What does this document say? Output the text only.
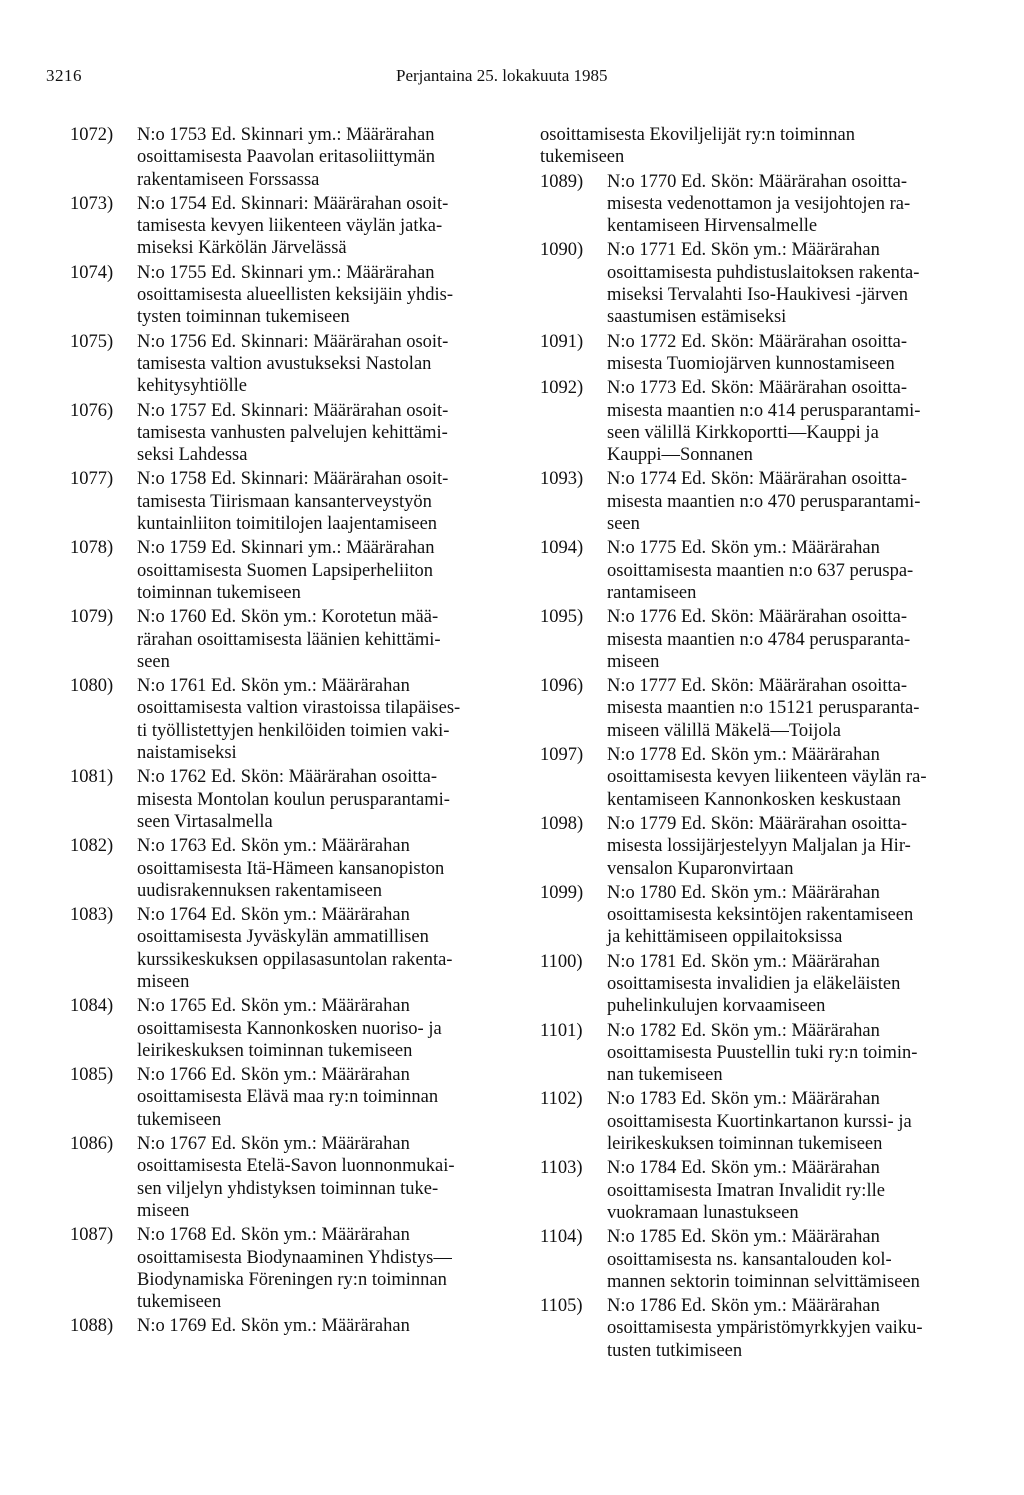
3216	Perjantaina 25. lokakuuta 1985
1072) N:o 1753 Ed. Skinnari ym.: Määrärahan
osoittamisesta Paavolan eritasoliittymän
rakentamiseen Forssassa
1073) N:o 1754 Ed. Skinnari: Määrärahan osoit-
tamisesta kevyen liikenteen väylän jatka-
miseksi Kärkölän Järvelässä
1074) N:o 1755 Ed. Skinnari ym.: Määrärahan
osoittamisesta alueellisten keksijäin yhdis-
tysten toiminnan tukemiseen
1075) N:o 1756 Ed. Skinnari: Määrärahan osoit-
tamisesta valtion avustukseksi Nastolan
kehitysyhtiölle
1076) N:o 1757 Ed. Skinnari: Määrärahan osoit-
tamisesta vanhusten palvelujen kehittämi-
seksi Lahdessa
1077) N:o 1758 Ed. Skinnari: Määrärahan osoit-
tamisesta Tiirismaan kansanterveystyön
kuntainliiton toimitilojen laajentamiseen
1078) N:o 1759 Ed. Skinnari ym.: Määrärahan
osoittamisesta Suomen Lapsiperheliiton
toiminnan tukemiseen
1079) N:o 1760 Ed. Skön ym.: Korotetun mää-
rärahan osoittamisesta läänien kehittämi-
seen
1080) N:o 1761 Ed. Skön ym.: Määrärahan
osoittamisesta valtion virastoissa tilapäises-
ti työllistettyjen henkilöiden toimien vaki-
naistamiseksi
1081) N:o 1762 Ed. Skön: Määrärahan osoitta-
misesta Montolan koulun perusparantami-
seen Virtasalmella
1082) N:o 1763 Ed. Skön ym.: Määrärahan
osoittamisesta Itä-Hämeen kansanopiston
uudisrakennuksen rakentamiseen
1083) N:o 1764 Ed. Skön ym.: Määrärahan
osoittamisesta Jyväskylän ammatillisen
kurssikeskuksen oppilasasuntolan rakenta-
miseen
1084) N:o 1765 Ed. Skön ym.: Määrärahan
osoittamisesta Kannonkosken nuoriso- ja
leirikeskuksen toiminnan tukemiseen
1085) N:o 1766 Ed. Skön ym.: Määrärahan
osoittamisesta Elävä maa ry:n toiminnan
tukemiseen
1086) N:o 1767 Ed. Skön ym.: Määrärahan
osoittamisesta Etelä-Savon luonnonmukai-
sen viljelyn yhdistyksen toiminnan tuke-
miseen
1087) N:o 1768 Ed. Skön ym.: Määrärahan
osoittamisesta Biodynaaminen Yhdistys—
Biodynamiska Föreningen ry:n toiminnan
tukemiseen
1088) N:o 1769 Ed. Skön ym.: Määrärahan
osoittamisesta Ekoviljelijät ry:n toiminnan
tukemiseen
1089) N:o 1770 Ed. Skön: Määrärahan osoitta-
misesta vedenottamon ja vesijohtojen ra-
kentamiseen Hirvensalmelle
1090) N:o 1771 Ed. Skön ym.: Määrärahan
osoittamisesta puhdistuslaitoksen rakenta-
miseksi Tervalahti Iso-Haukivesi -järven
saastumisen estämiseksi
1091) N:o 1772 Ed. Skön: Määrärahan osoitta-
misesta Tuomiojärven kunnostamiseen
1092) N:o 1773 Ed. Skön: Määrärahan osoitta-
misesta maantien n:o 414 perusparantami-
seen välillä Kirkkoportti—Kauppi ja
Kauppi—Sonnanen
1093) N:o 1774 Ed. Skön: Määrärahan osoitta-
misesta maantien n:o 470 perusparantami-
seen
1094) N:o 1775 Ed. Skön ym.: Määrärahan
osoittamisesta maantien n:o 637 peruspa-
rantamiseen
1095) N:o 1776 Ed. Skön: Määrärahan osoitta-
misesta maantien n:o 4784 perusparanta-
miseen
1096) N:o 1777 Ed. Skön: Määrärahan osoitta-
misesta maantien n:o 15121 perusparanta-
miseen välillä Mäkelä—Toijola
1097) N:o 1778 Ed. Skön ym.: Määrärahan
osoittamisesta kevyen liikenteen väylän ra-
kentamiseen Kannonkosken keskustaan
1098) N:o 1779 Ed. Skön: Määrärahan osoitta-
misesta lossijärjestelyyn Maljalan ja Hir-
vensalon Kuparonvirtaan
1099) N:o 1780 Ed. Skön ym.: Määrärahan
osoittamisesta keksintöjen rakentamiseen
ja kehittämiseen oppilaitoksissa
1100) N:o 1781 Ed. Skön ym.: Määrärahan
osoittamisesta invalidien ja eläkeläisten
puhelinkulujen korvaamiseen
1101) N:o 1782 Ed. Skön ym.: Määrärahan
osoittamisesta Puustellin tuki ry:n toimin-
nan tukemiseen
1102) N:o 1783 Ed. Skön ym.: Määrärahan
osoittamisesta Kuortinkartanon kurssi- ja
leirikeskuksen toiminnan tukemiseen
1103) N:o 1784 Ed. Skön ym.: Määrärahan
osoittamisesta Imatran Invalidit ry:lle
vuokramaan lunastukseen
1104) N:o 1785 Ed. Skön ym.: Määrärahan
osoittamisesta ns. kansantalouden kol-
mannen sektorin toiminnan selvittämiseen
1105) N:o 1786 Ed. Skön ym.: Määrärahan
osoittamisesta ympäristömyrkkyjen vaiku-
tusten tutkimiseen
